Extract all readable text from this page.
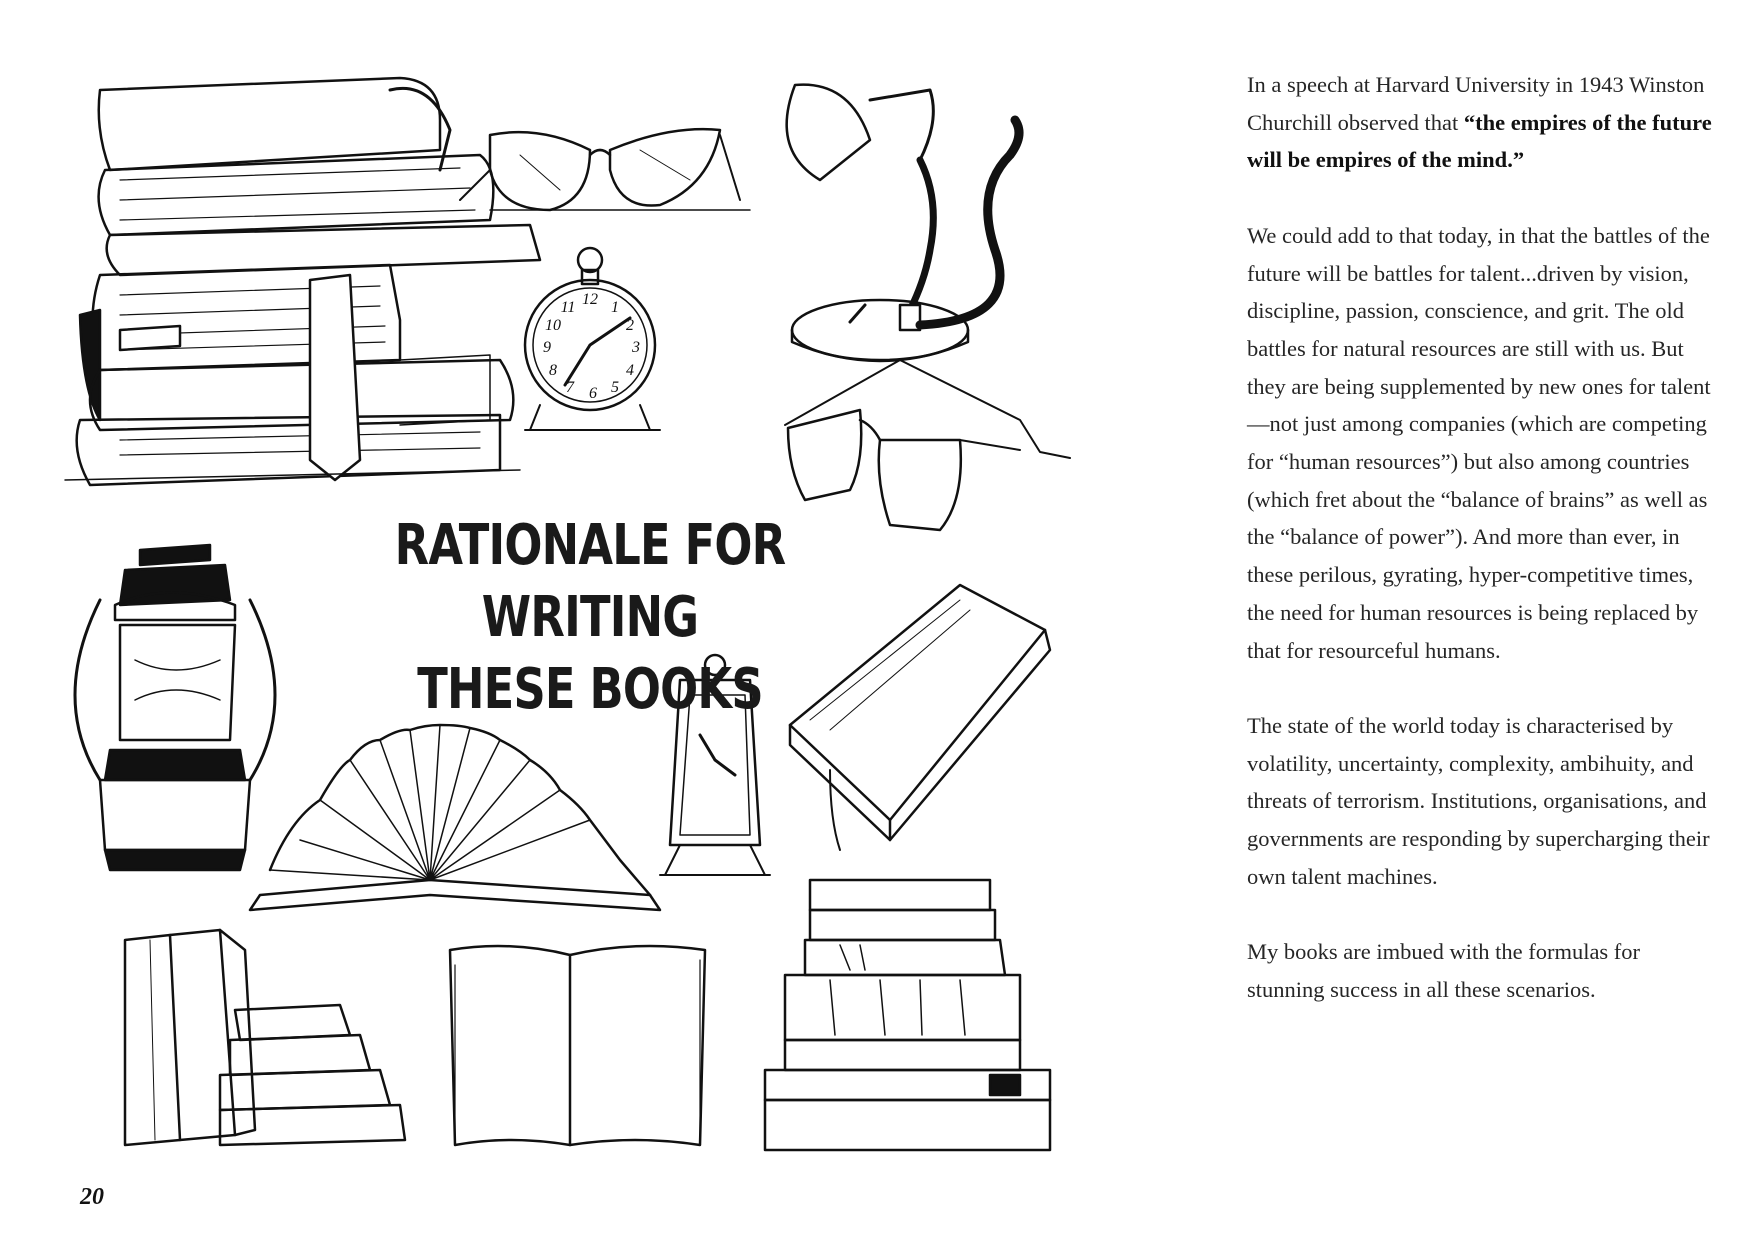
12 1
2
3
4
5
6
7
8
9
10
11
RATIONALE FOR WRITING
THESE BOOKS

In a speech at Harvard University in 1943 Winston Churchill observed that “the empires of the future will be empires of the mind.”

We could add to that today, in that the battles of the future will be battles for talent...driven by vision, discipline, passion, conscience, and grit. The old battles for natural resources are still with us. But they are being supplemented by new ones for talent—not just among companies (which are competing for “human resources”) but also among countries (which fret about the “balance of brains” as well as the “balance of power”). And more than ever, in these perilous, gyrating, hyper-competitive times, the need for human resources is being replaced by that for resourceful humans.

The state of the world today is characterised by volatility, uncertainty, complexity, ambihuity, and threats of terrorism. Institutions, organisations, and governments are responding by supercharging their own talent machines.

My books are imbued with the formulas for stunning success in all these scenarios.

20
